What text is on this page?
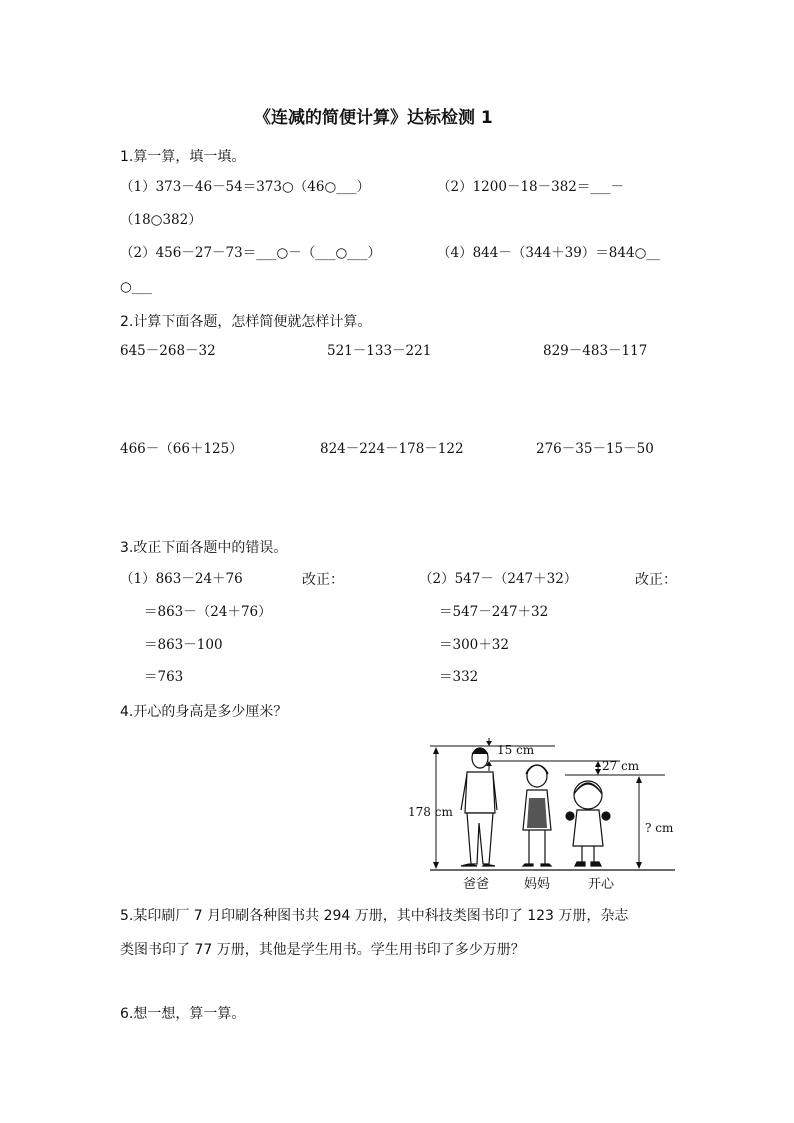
《连减的简便计算》达标检测 1
1.算一算，填一填。
（1）373－46－54＝373○（46○___）	（2）1200－18－382＝___－
（18○382）
（2）456－27－73＝___○－（___○___）	（4）844－（344＋39）＝844○__
○___
2.计算下面各题，怎样简便就怎样计算。
645－268－32	521－133－221	829－483－117
466－（66＋125）	824－224－178－122	276－35－15－50
3.改正下面各题中的错误。
（1）863－24＋76	改正：	（2）547－（247＋32）	改正：
＝863－（24＋76）	＝547－247＋32
＝863－100	＝300＋32
＝763	＝332
4.开心的身高是多少厘米？
178 cm
15 cm
27 cm
? cm
爸爸	妈妈	开心
5.某印刷厂 7 月印刷各种图书共 294 万册，其中科技类图书印了 123 万册，杂志
类图书印了 77 万册，其他是学生用书。学生用书印了多少万册？
6.想一想，算一算。
